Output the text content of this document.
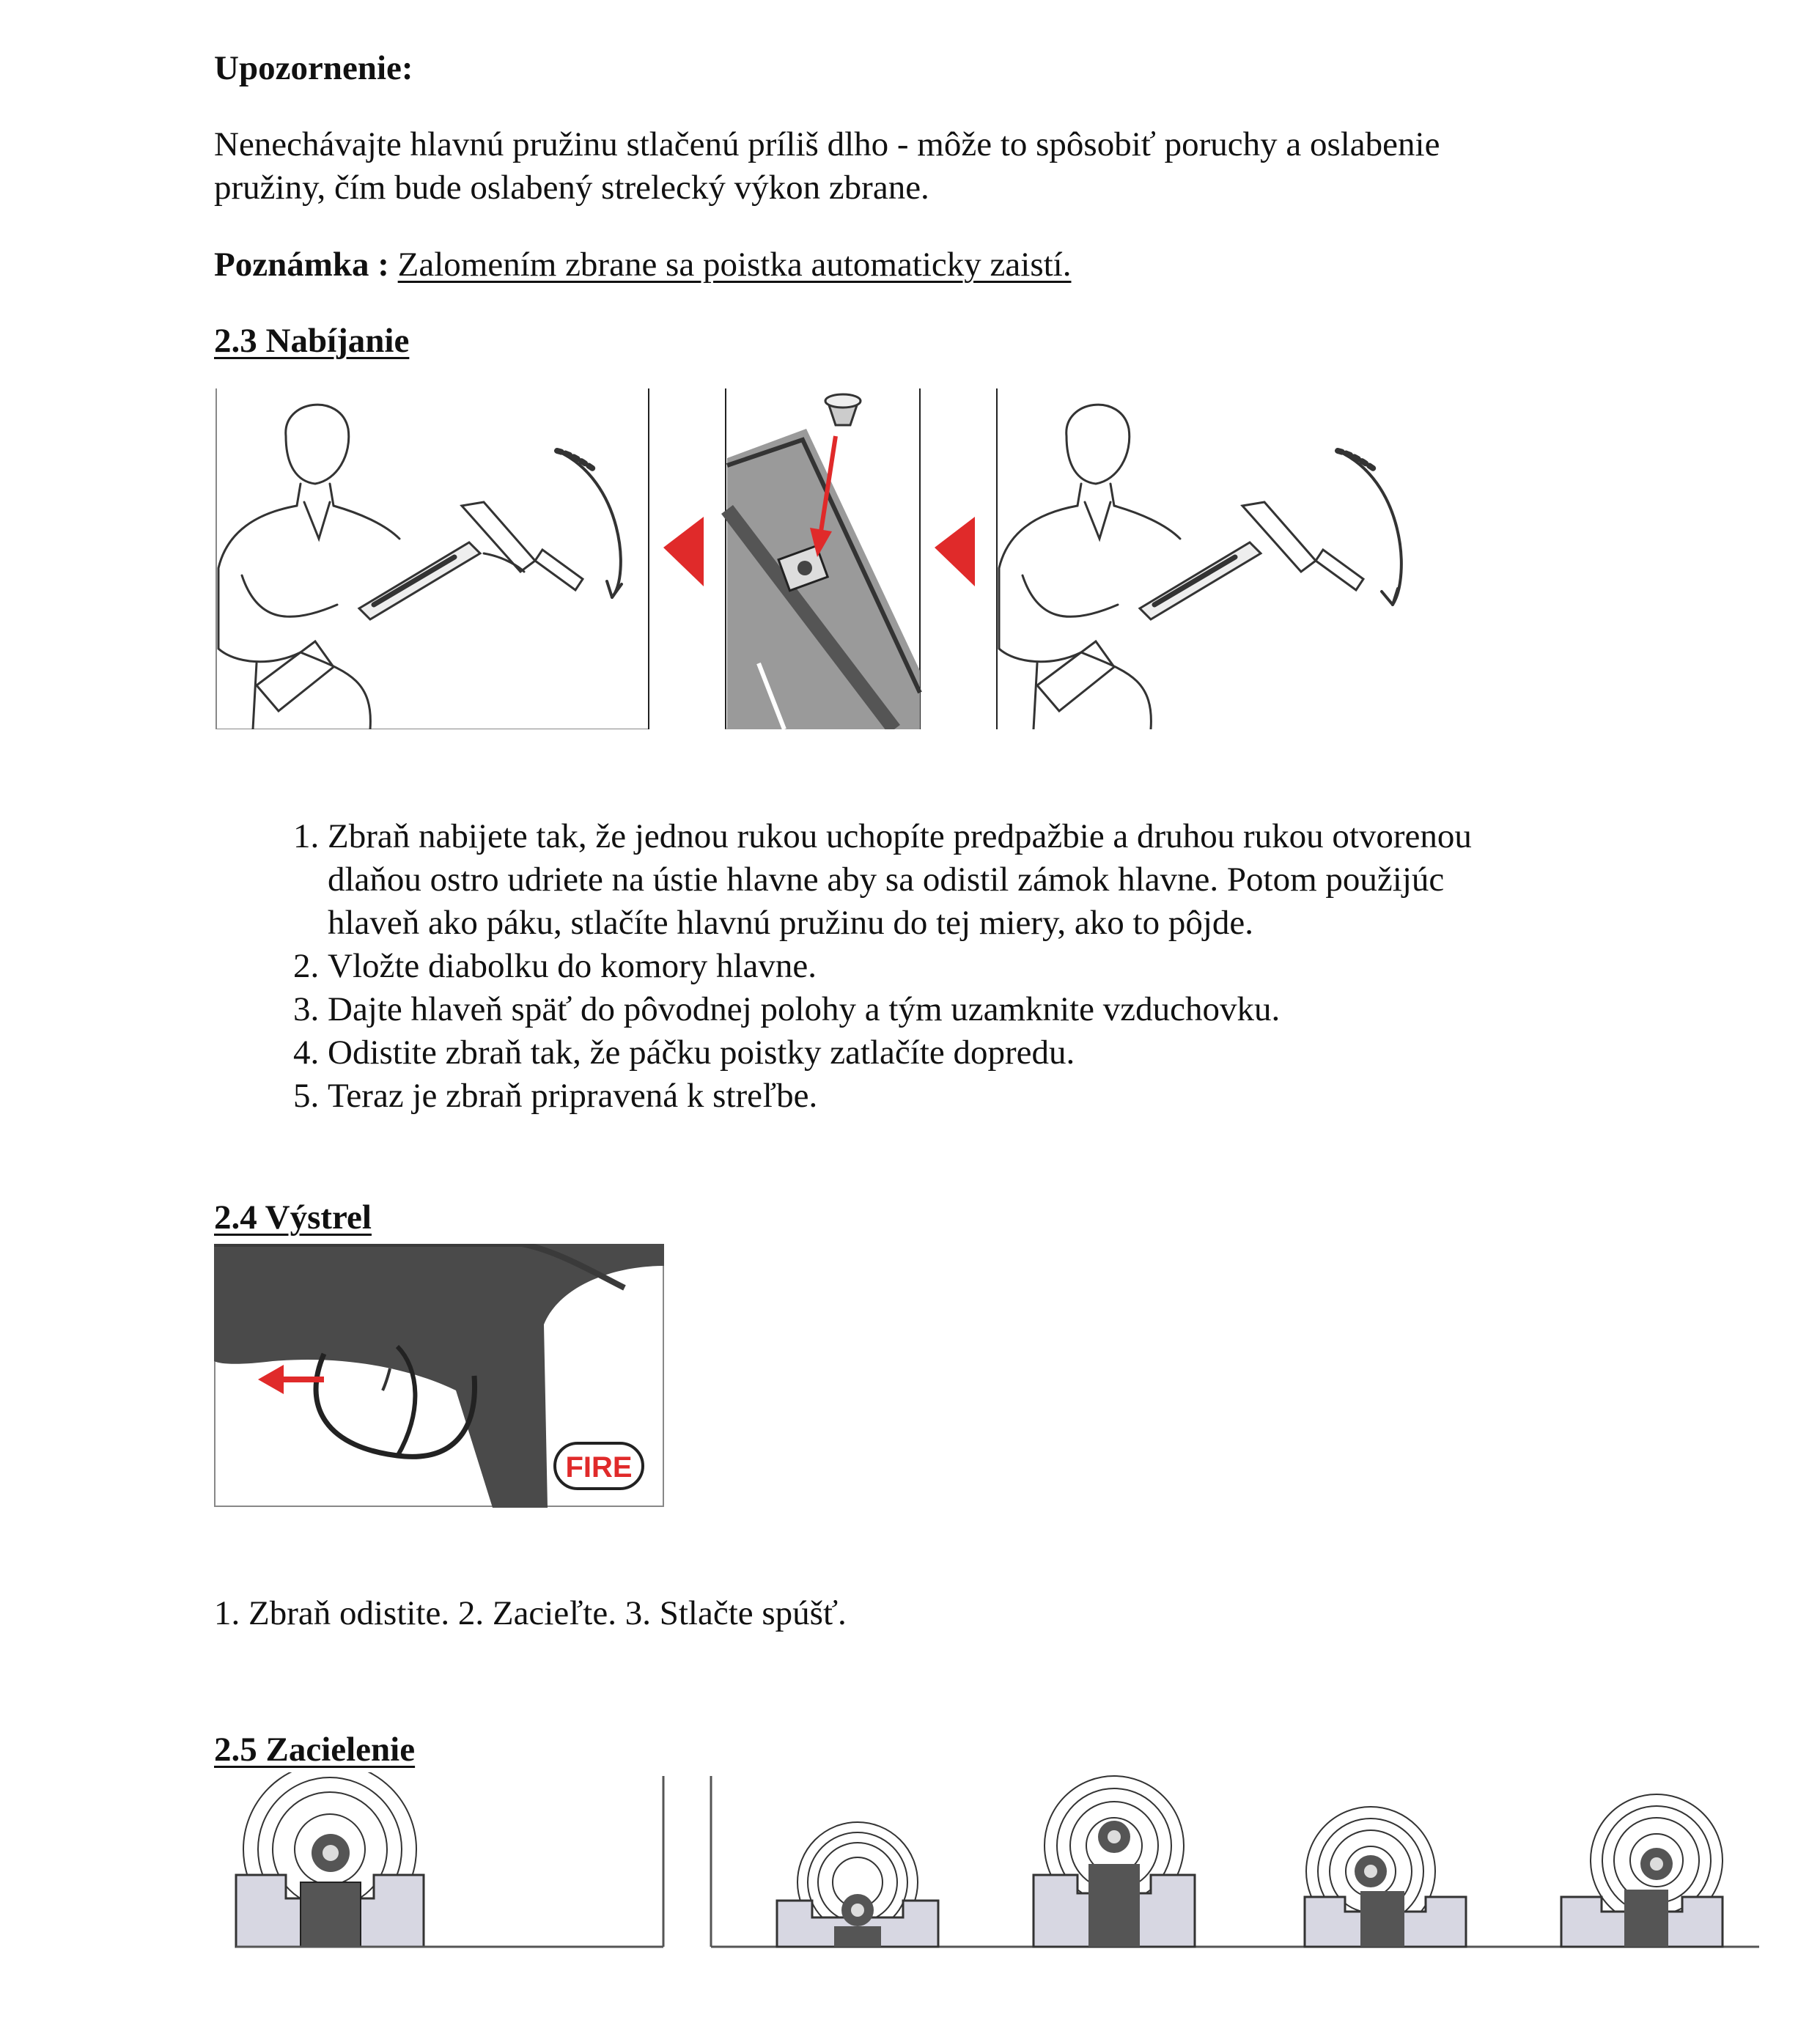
Upozornenie:

Nenechávajte hlavnú pružinu stlačenú príliš dlho - môže to spôsobiť poruchy a oslabenie

pružiny, čím bude oslabený strelecký výkon zbrane.

Poznámka : Zalomením zbrane sa poistka automaticky zaistí.

2.3 Nabíjanie

1. Zbraň nabijete tak, že jednou rukou uchopíte predpažbie a druhou rukou otvorenou
dlaňou ostro udriete na ústie hlavne aby sa odistil zámok hlavne. Potom použijúc
hlaveň ako páku, stlačíte hlavnú pružinu do tej miery, ako to pôjde.
2. Vložte diabolku do komory hlavne.
3. Dajte hlaveň späť do pôvodnej polohy a tým uzamknite vzduchovku.
4. Odistite zbraň tak, že páčku poistky zatlačíte dopredu.
5. Teraz je zbraň pripravená k streľbe.

2.4 Výstrel

FIRE

1. Zbraň odistite. 2. Zacieľte. 3. Stlačte spúšť.

2.5 Zacielenie
